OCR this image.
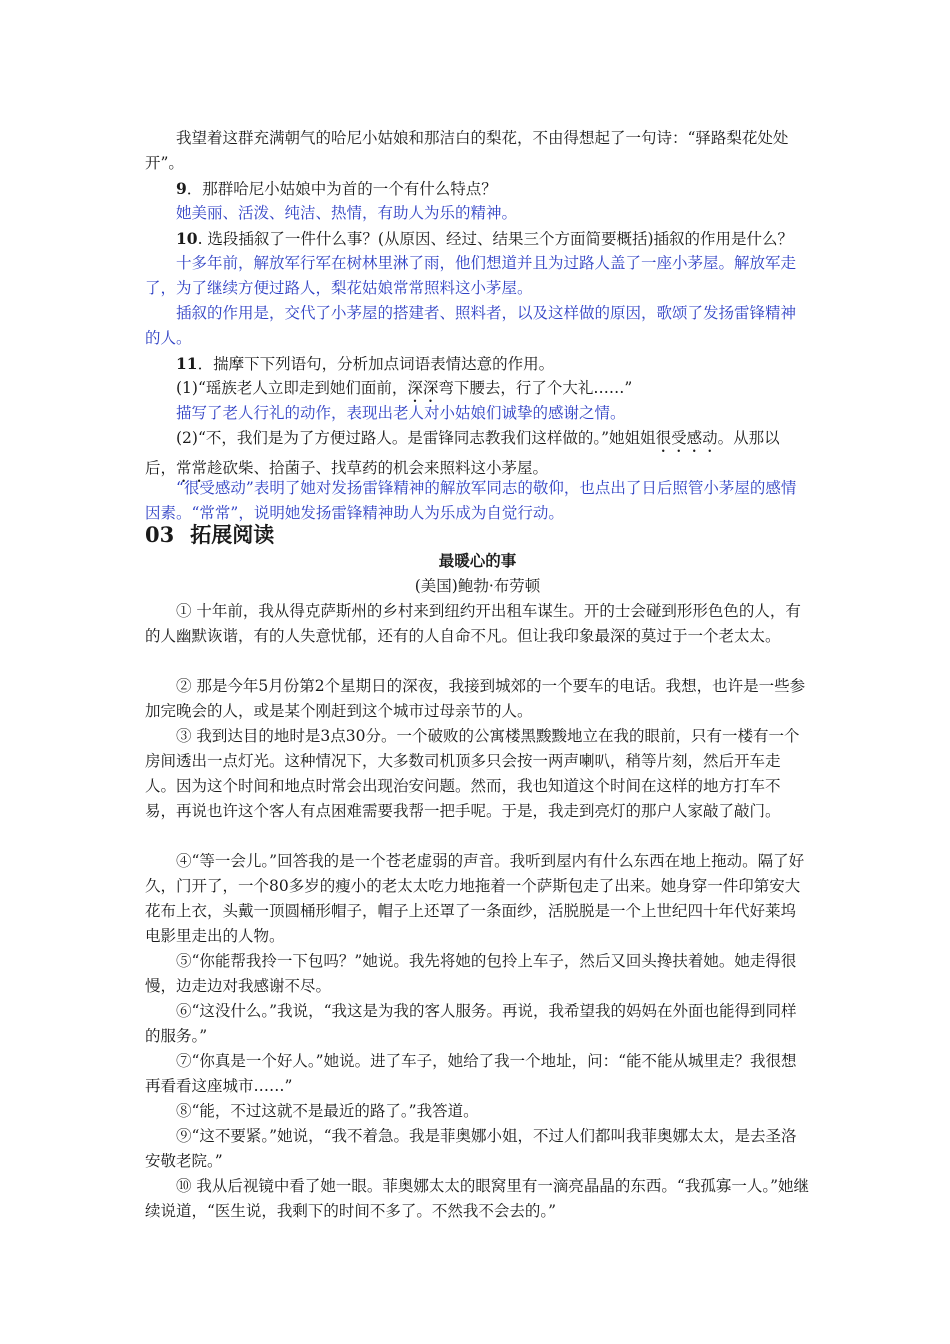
我望着这群充满朝气的哈尼小姑娘和那洁白的梨花，不由得想起了一句诗：“驿路梨花处处开”。
9．那群哈尼小姑娘中为首的一个有什么特点？
她美丽、活泼、纯洁、热情，有助人为乐的精神。
10. 选段插叙了一件什么事？(从原因、经过、结果三个方面简要概括)插叙的作用是什么？
十多年前，解放军行军在树林里淋了雨，他们想道并且为过路人盖了一座小茅屋。解放军走了，为了继续方便过路人，梨花姑娘常常照料这小茅屋。
插叙的作用是，交代了小茅屋的搭建者、照料者，以及这样做的原因，歌颂了发扬雷锋精神的人。
11．揣摩下下列语句，分析加点词语表情达意的作用。
(1)“瑶族老人立即走到她们面前，深深弯下腰去，行了个大礼……”
描写了老人行礼的动作，表现出老人对小姑娘们诚挚的感谢之情。
(2)“不，我们是为了方便过路人。是雷锋同志教我们这样做的。”她姐姐很受感动。从那以后，常常趁砍柴、拾菌子、找草药的机会来照料这小茅屋。
“很受感动”表明了她对发扬雷锋精神的解放军同志的敬仰，也点出了日后照管小茅屋的感情因素。“常常”，说明她发扬雷锋精神助人为乐成为自觉行动。
03 拓展阅读
最暖心的事
(美国)鲍勃·布劳顿
① 十年前，我从得克萨斯州的乡村来到纽约开出租车谋生。开的士会碰到形形色色的人，有的人幽默诙谐，有的人失意忧郁，还有的人自命不凡。但让我印象最深的莫过于一个老太太。
② 那是今年5月份第2个星期日的深夜，我接到城郊的一个要车的电话。我想，也许是一些参加完晚会的人，或是某个刚赶到这个城市过母亲节的人。
③ 我到达目的地时是3点30分。一个破败的公寓楼黑黢黢地立在我的眼前，只有一楼有一个房间透出一点灯光。这种情况下，大多数司机顶多只会按一两声喇叭，稍等片刻，然后开车走人。因为这个时间和地点时常会出现治安问题。然而，我也知道这个时间在这样的地方打车不易，再说也许这个客人有点困难需要我帮一把手呢。于是，我走到亮灯的那户人家敲了敲门。
④“等一会儿。”回答我的是一个苍老虚弱的声音。我听到屋内有什么东西在地上拖动。隔了好久，门开了，一个80多岁的瘦小的老太太吃力地拖着一个萨斯包走了出来。她身穿一件印第安大花布上衣，头戴一顶圆桶形帽子，帽子上还罩了一条面纱，活脱脱是一个上世纪四十年代好莱坞电影里走出的人物。
⑤“你能帮我拎一下包吗？”她说。我先将她的包拎上车子，然后又回头搀扶着她。她走得很慢，边走边对我感谢不尽。
⑥“这没什么。”我说，“我这是为我的客人服务。再说，我希望我的妈妈在外面也能得到同样的服务。”
⑦“你真是一个好人。”她说。进了车子，她给了我一个地址，问：“能不能从城里走？我很想再看看这座城市……”
⑧“能，不过这就不是最近的路了。”我答道。
⑨“这不要紧。”她说，“我不着急。我是菲奥娜小姐，不过人们都叫我菲奥娜太太，是去圣洛安敬老院。”
⑩ 我从后视镜中看了她一眼。菲奥娜太太的眼窝里有一滴亮晶晶的东西。“我孤寡一人。”她继续说道，“医生说，我剩下的时间不多了。不然我不会去的。”
